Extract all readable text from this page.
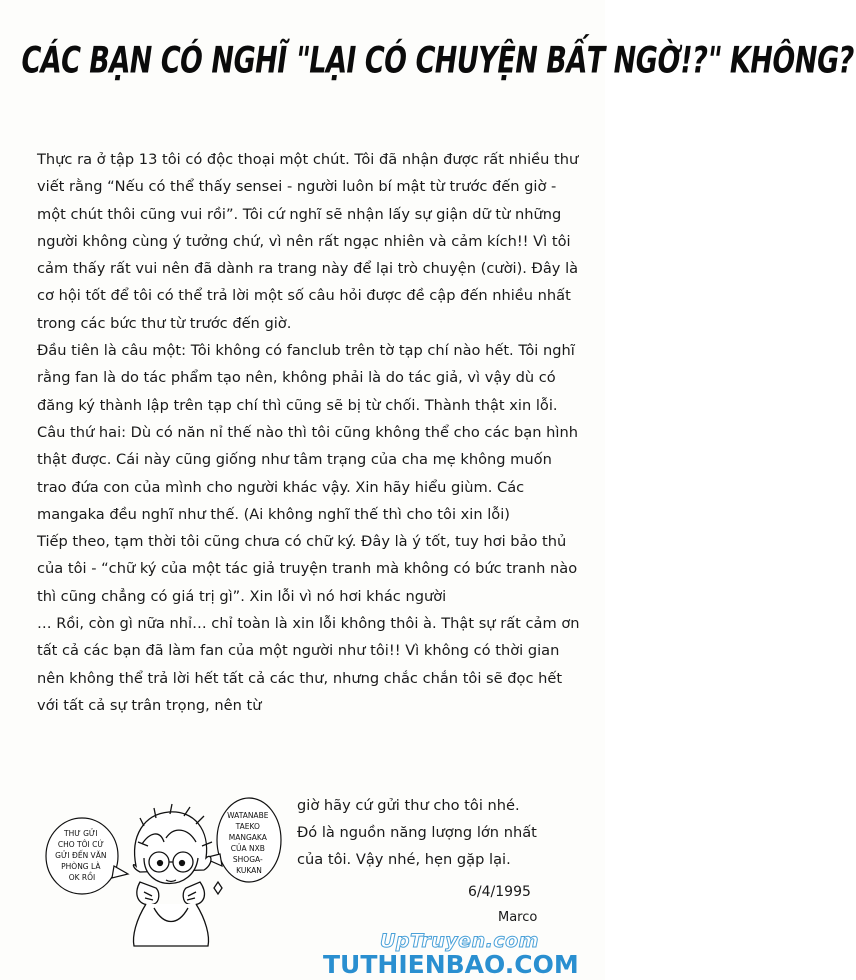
CÁC BẠN CÓ NGHĨ "LẠI CÓ CHUYỆN BẤT NGỜ!?" KHÔNG?

Thực ra ở tập 13 tôi có độc thoại một chút. Tôi đã nhận được rất nhiều thư viết rằng “Nếu có thể thấy sensei - người luôn bí mật từ trước đến giờ - một chút thôi cũng vui rồi”. Tôi cứ nghĩ sẽ nhận lấy sự giận dữ từ những người không cùng ý tưởng chứ, vì nên rất ngạc nhiên và cảm kích!! Vì tôi cảm thấy rất vui nên đã dành ra trang này để lại trò chuyện (cười). Đây là cơ hội tốt để tôi có thể trả lời một số câu hỏi được đề cập đến nhiều nhất trong các bức thư từ trước đến giờ.

Đầu tiên là câu một: Tôi không có fanclub trên tờ tạp chí nào hết. Tôi nghĩ rằng fan là do tác phẩm tạo nên, không phải là do tác giả, vì vậy dù có đăng ký thành lập trên tạp chí thì cũng sẽ bị từ chối. Thành thật xin lỗi.

Câu thứ hai: Dù có năn nỉ thế nào thì tôi cũng không thể cho các bạn hình thật được. Cái này cũng giống như tâm trạng của cha mẹ không muốn trao đứa con của mình cho người khác vậy. Xin hãy hiểu giùm. Các mangaka đều nghĩ như thế. (Ai không nghĩ thế thì cho tôi xin lỗi)

Tiếp theo, tạm thời tôi cũng chưa có chữ ký. Đây là ý tốt, tuy hơi bảo thủ của tôi - “chữ ký của một tác giả truyện tranh mà không có bức tranh nào thì cũng chẳng có giá trị gì”. Xin lỗi vì nó hơi khác người

… Rồi, còn gì nữa nhỉ… chỉ toàn là xin lỗi không thôi à. Thật sự rất cảm ơn tất cả các bạn đã làm fan của một người như tôi!! Vì không có thời gian nên không thể trả lời hết tất cả các thư, nhưng chắc chắn tôi sẽ đọc hết với tất cả sự trân trọng, nên từ

giờ hãy cứ gửi thư cho tôi nhé.
Đó là nguồn năng lượng lớn nhất
của tôi. Vậy nhé, hẹn gặp lại.
6/4/1995
Marco
THƯ GỬI CHO TÔI CỨ GỬI ĐẾN VĂN PHÒNG LÀ OK RỒI
WATANABE TAEKO MANGAKA CỦA NXB SHOGA- KUKAN
UpTruyen.com
TUTHIENBAO.COM
